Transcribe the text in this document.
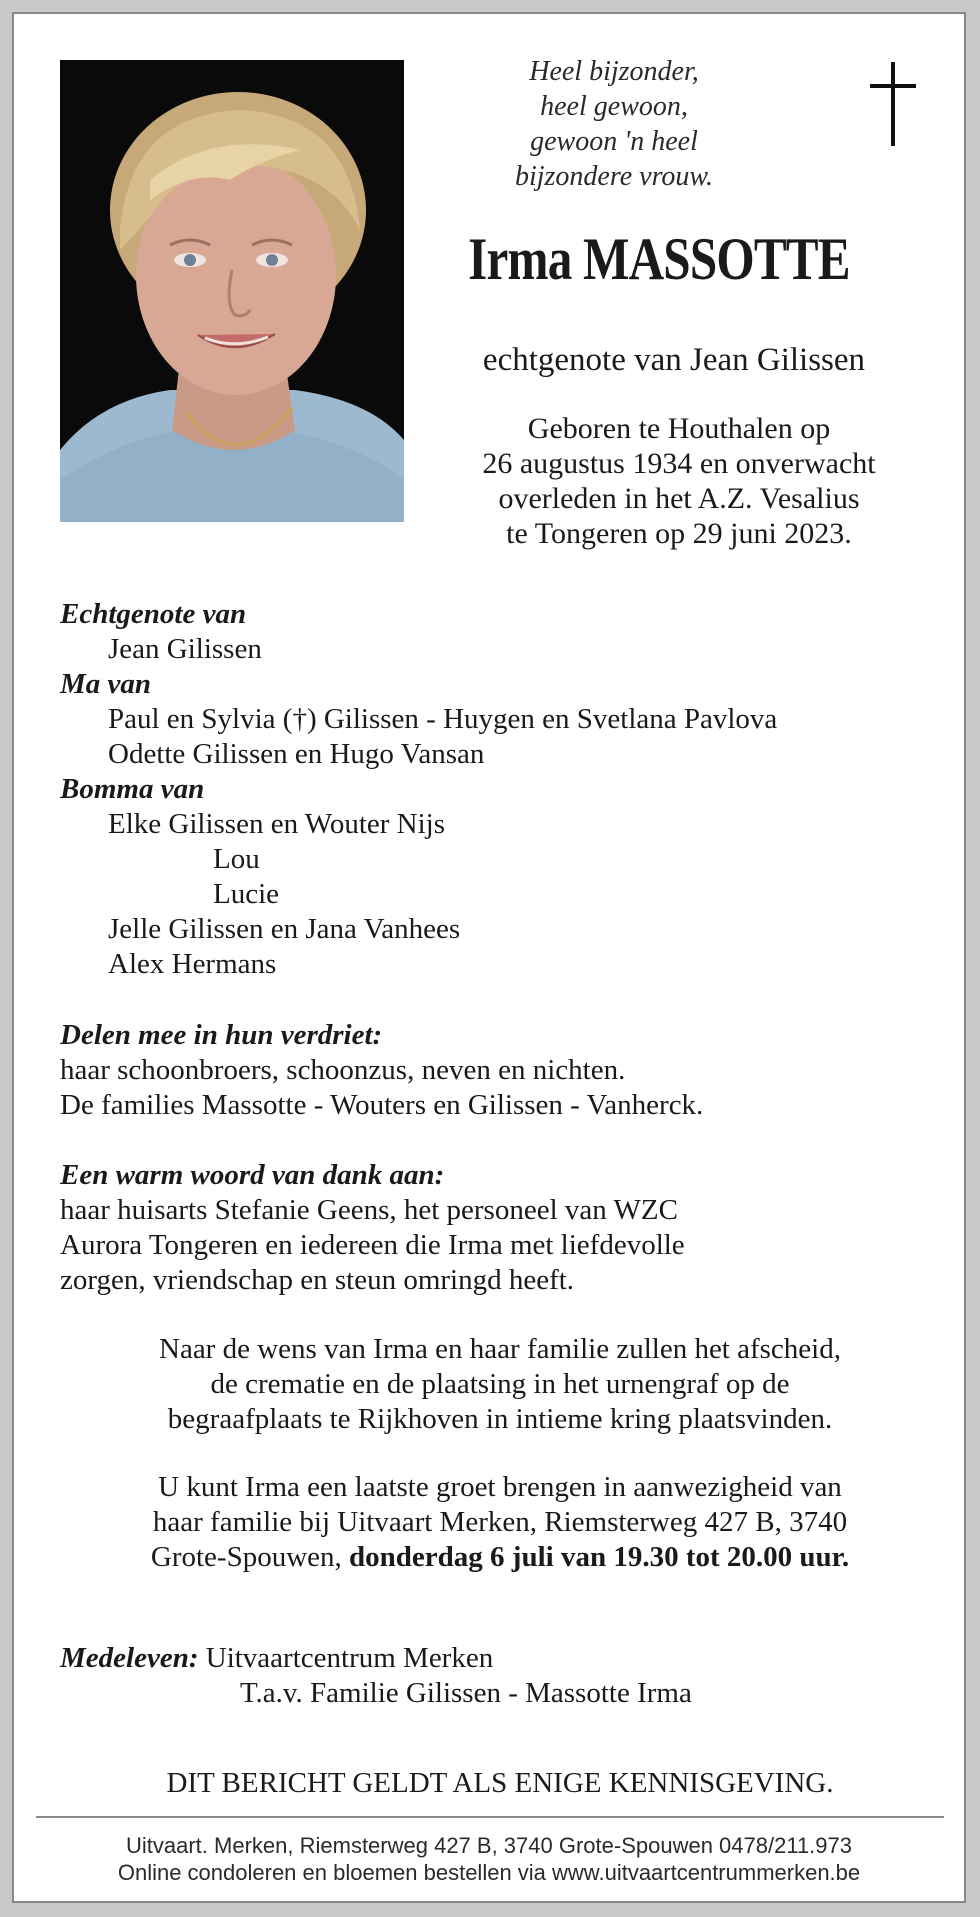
Heel bijzonder,
heel gewoon,
gewoon 'n heel
bijzondere vrouw.
Irma MASSOTTE
echtgenote van Jean Gilissen
Geboren te Houthalen op
26 augustus 1934 en onverwacht
overleden in het A.Z. Vesalius
te Tongeren op 29 juni 2023.
Echtgenote van
Jean Gilissen
Ma van
Paul en Sylvia (†) Gilissen - Huygen en Svetlana Pavlova
Odette Gilissen en Hugo Vansan
Bomma van
Elke Gilissen en Wouter Nijs
Lou
Lucie
Jelle Gilissen en Jana Vanhees
Alex Hermans
Delen mee in hun verdriet:
haar schoonbroers, schoonzus, neven en nichten.
De families Massotte - Wouters en Gilissen - Vanherck.
Een warm woord van dank aan:
haar huisarts Stefanie Geens, het personeel van WZC
Aurora Tongeren en iedereen die Irma met liefdevolle
zorgen, vriendschap en steun omringd heeft.
Naar de wens van Irma en haar familie zullen het afscheid,
de crematie en de plaatsing in het urnengraf op de
begraafplaats te Rijkhoven in intieme kring plaatsvinden.
U kunt Irma een laatste groet brengen in aanwezigheid van
haar familie bij Uitvaart Merken, Riemsterweg 427 B, 3740
Grote-Spouwen, donderdag 6 juli van 19.30 tot 20.00 uur.
Medeleven: Uitvaartcentrum Merken
T.a.v. Familie Gilissen - Massotte Irma
DIT BERICHT GELDT ALS ENIGE KENNISGEVING.
Uitvaart. Merken, Riemsterweg 427 B, 3740 Grote-Spouwen 0478/211.973
Online condoleren en bloemen bestellen via www.uitvaartcentrummerken.be
